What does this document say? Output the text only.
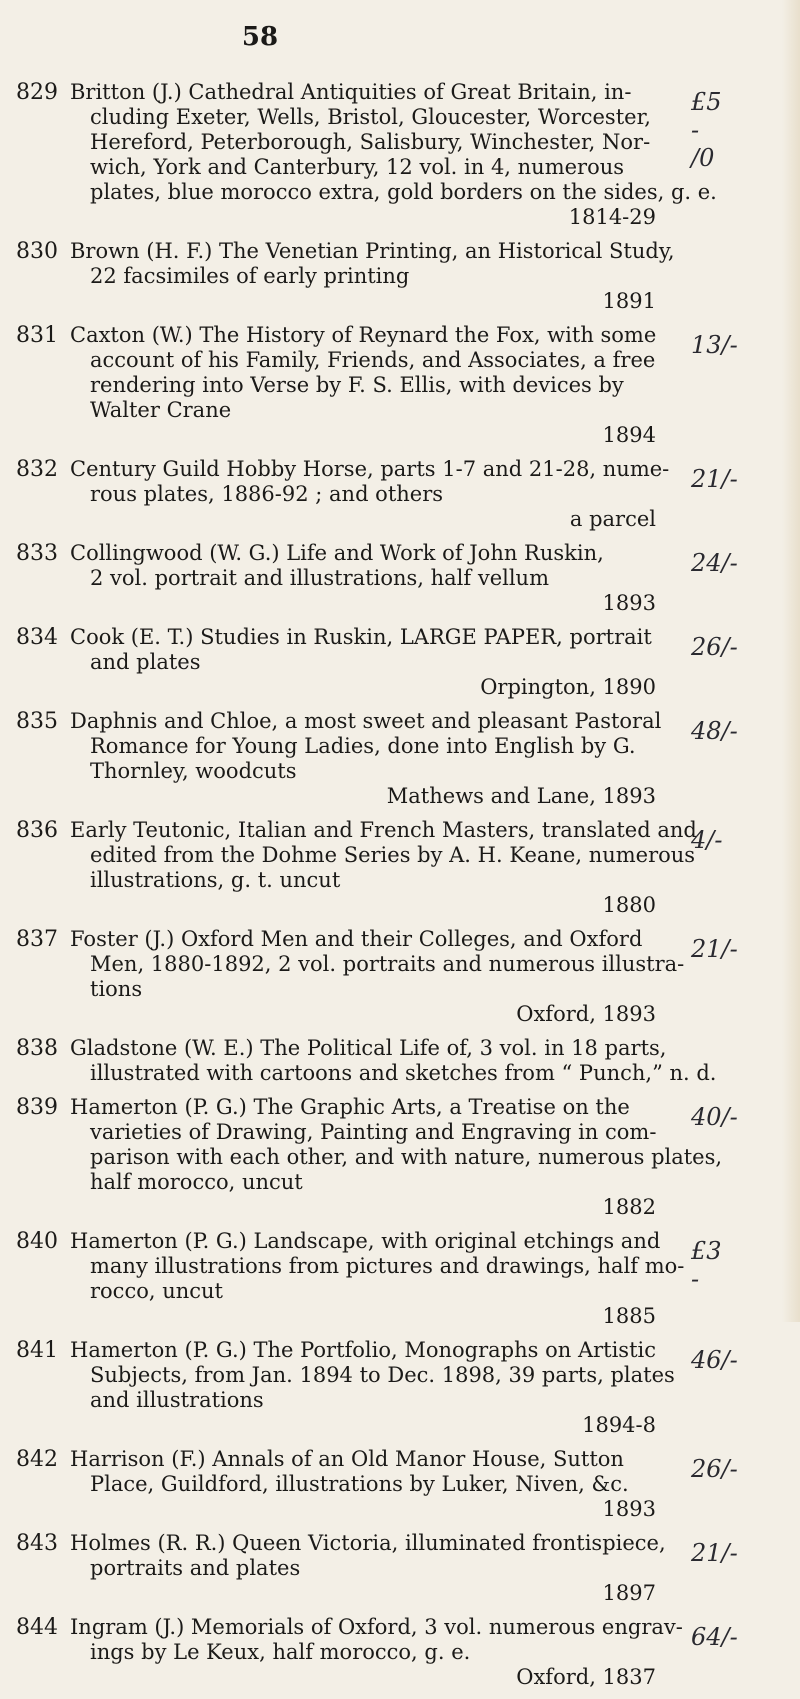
58
829 Britton (J.) Cathedral Antiquities of Great Britain, in-
cluding Exeter, Wells, Bristol, Gloucester, Worcester,
Hereford, Peterborough, Salisbury, Winchester, Nor-
wich, York and Canterbury, 12 vol. in 4, numerous
plates, blue morocco extra, gold borders on the sides, g. e.
1814-29
£5 - /0
830 Brown (H. F.) The Venetian Printing, an Historical Study,
22 facsimiles of early printing
1891
831 Caxton (W.) The History of Reynard the Fox, with some
account of his Family, Friends, and Associates, a free
rendering into Verse by F. S. Ellis, with devices by
Walter Crane
1894
13/-
832 Century Guild Hobby Horse, parts 1-7 and 21-28, nume-
rous plates, 1886-92 ; and others
a parcel
21/-
833 Collingwood (W. G.) Life and Work of John Ruskin,
2 vol. portrait and illustrations, half vellum
1893
24/-
834 Cook (E. T.) Studies in Ruskin, LARGE PAPER, portrait
and plates
Orpington, 1890
26/-
835 Daphnis and Chloe, a most sweet and pleasant Pastoral
Romance for Young Ladies, done into English by G.
Thornley, woodcuts
Mathews and Lane, 1893
48/-
836 Early Teutonic, Italian and French Masters, translated and
edited from the Dohme Series by A. H. Keane, numerous
illustrations, g. t. uncut
1880
4/-
837 Foster (J.) Oxford Men and their Colleges, and Oxford
Men, 1880-1892, 2 vol. portraits and numerous illustra-
tions
Oxford, 1893
21/-
838 Gladstone (W. E.) The Political Life of, 3 vol. in 18 parts,
illustrated with cartoons and sketches from “ Punch,” n. d.
839 Hamerton (P. G.) The Graphic Arts, a Treatise on the
varieties of Drawing, Painting and Engraving in com-
parison with each other, and with nature, numerous plates,
half morocco, uncut
1882
40/-
840 Hamerton (P. G.) Landscape, with original etchings and
many illustrations from pictures and drawings, half mo-
rocco, uncut
1885
£3 -
841 Hamerton (P. G.) The Portfolio, Monographs on Artistic
Subjects, from Jan. 1894 to Dec. 1898, 39 parts, plates
and illustrations
1894-8
46/-
842 Harrison (F.) Annals of an Old Manor House, Sutton
Place, Guildford, illustrations by Luker, Niven, &c.
1893
26/-
843 Holmes (R. R.) Queen Victoria, illuminated frontispiece,
portraits and plates
1897
21/-
844 Ingram (J.) Memorials of Oxford, 3 vol. numerous engrav-
ings by Le Keux, half morocco, g. e.
Oxford, 1837
64/-
